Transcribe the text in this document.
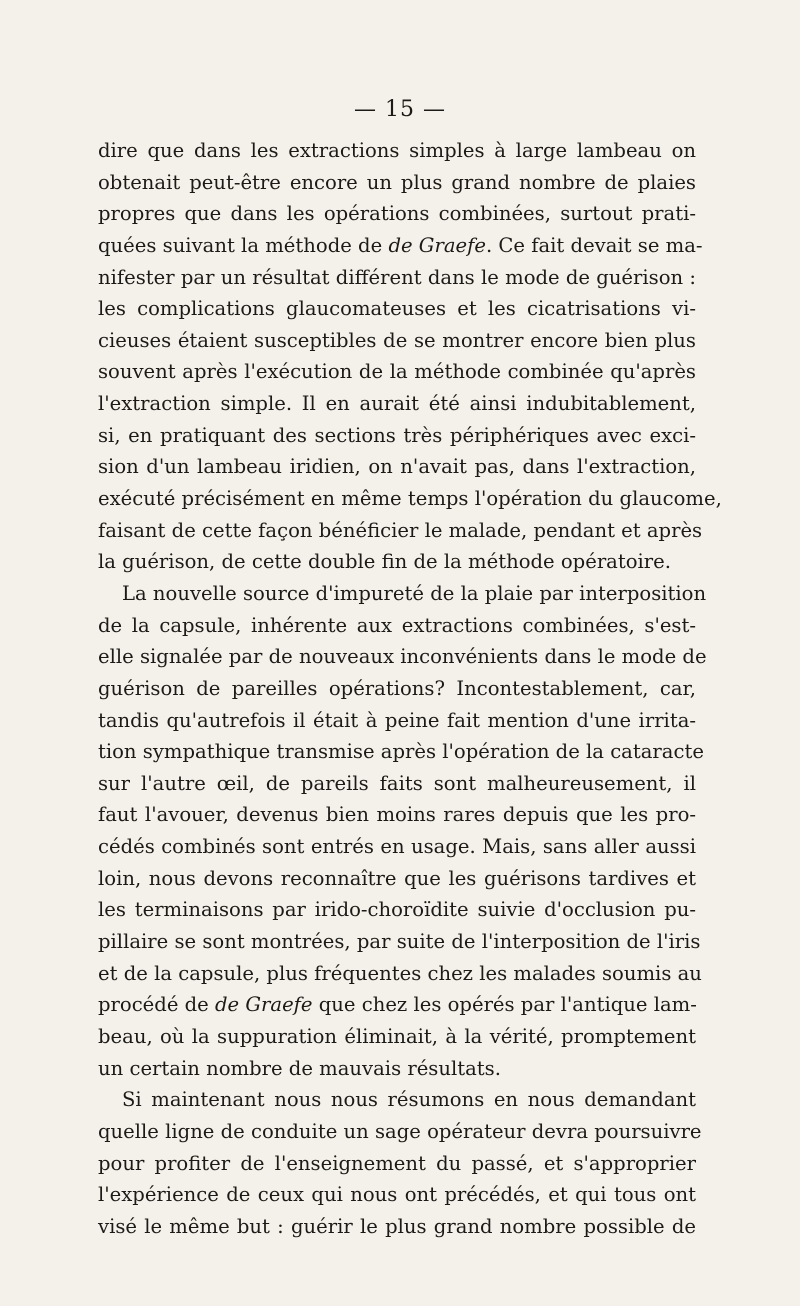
— 15 —
dire que dans les extractions simples à large lambeau on
obtenait peut-être encore un plus grand nombre de plaies
propres que dans les opérations combinées, surtout prati-
quées suivant la méthode de de Graefe. Ce fait devait se ma-
nifester par un résultat différent dans le mode de guérison :
les complications glaucomateuses et les cicatrisations vi-
cieuses étaient susceptibles de se montrer encore bien plus
souvent après l'exécution de la méthode combinée qu'après
l'extraction simple. Il en aurait été ainsi indubitablement,
si, en pratiquant des sections très périphériques avec exci-
sion d'un lambeau iridien, on n'avait pas, dans l'extraction,
exécuté précisément en même temps l'opération du glaucome,
faisant de cette façon bénéficier le malade, pendant et après
la guérison, de cette double fin de la méthode opératoire.
La nouvelle source d'impureté de la plaie par interposition
de la capsule, inhérente aux extractions combinées, s'est-
elle signalée par de nouveaux inconvénients dans le mode de
guérison de pareilles opérations? Incontestablement, car,
tandis qu'autrefois il était à peine fait mention d'une irrita-
tion sympathique transmise après l'opération de la cataracte
sur l'autre œil, de pareils faits sont malheureusement, il
faut l'avouer, devenus bien moins rares depuis que les pro-
cédés combinés sont entrés en usage. Mais, sans aller aussi
loin, nous devons reconnaître que les guérisons tardives et
les terminaisons par irido-choroïdite suivie d'occlusion pu-
pillaire se sont montrées, par suite de l'interposition de l'iris
et de la capsule, plus fréquentes chez les malades soumis au
procédé de de Graefe que chez les opérés par l'antique lam-
beau, où la suppuration éliminait, à la vérité, promptement
un certain nombre de mauvais résultats.
Si maintenant nous nous résumons en nous demandant
quelle ligne de conduite un sage opérateur devra poursuivre
pour profiter de l'enseignement du passé, et s'approprier
l'expérience de ceux qui nous ont précédés, et qui tous ont
visé le même but : guérir le plus grand nombre possible de
